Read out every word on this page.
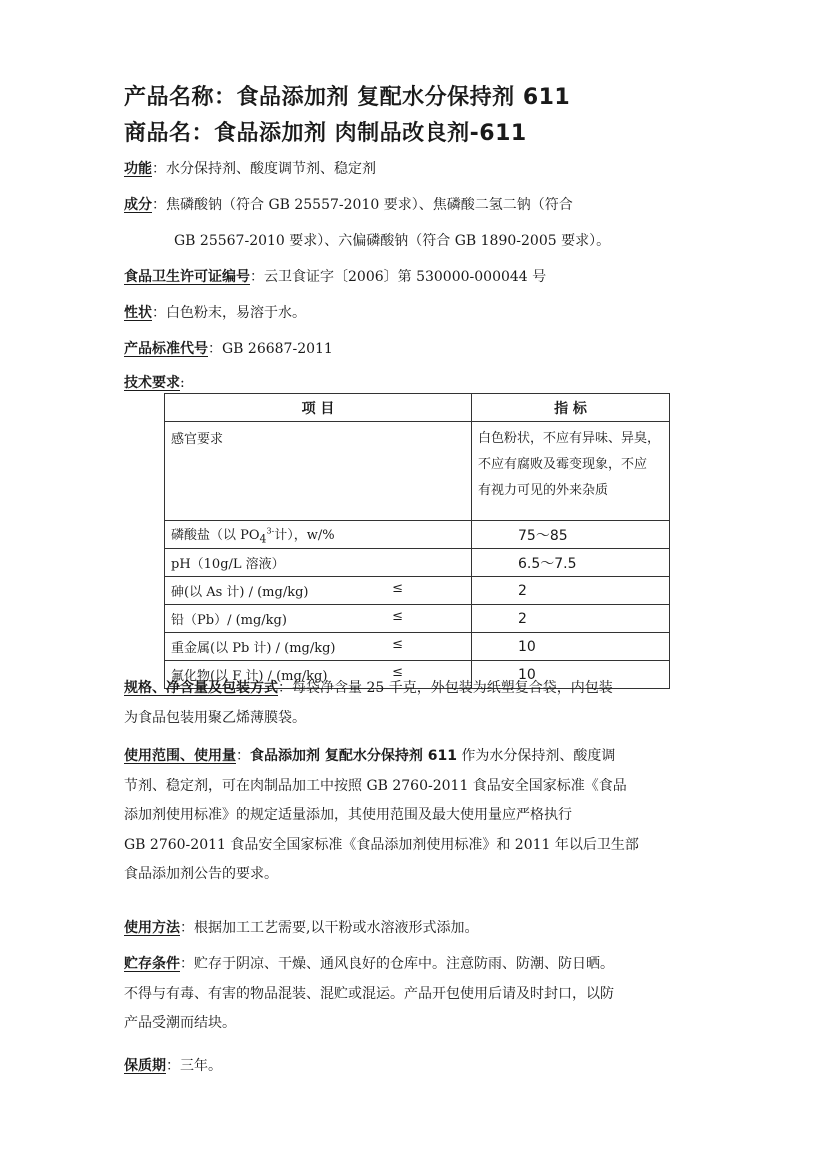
产品名称：食品添加剂 复配水分保持剂 611
商品名：食品添加剂 肉制品改良剂-611
功能：水分保持剂、酸度调节剂、稳定剂
成分：焦磷酸钠（符合 GB 25557-2010 要求）、焦磷酸二氢二钠（符合
GB 25567-2010 要求）、六偏磷酸钠（符合 GB 1890-2005 要求）。
食品卫生许可证编号：云卫食证字〔2006〕第 530000-000044 号
性状：白色粉末，易溶于水。
产品标准代号：GB 26687-2011
技术要求:
项 目	指 标
感官要求	白色粉状，不应有异味、异臭，
不应有腐败及霉变现象，不应
有视力可见的外来杂质

磷酸盐（以 $PO_4^{3-}$计），w/%	75～85
pH（10g/L 溶液）	6.5～7.5
砷(以 As 计) / (mg/kg) ≤	2
铅（Pb）/ (mg/kg) ≤	2
重金属(以 Pb 计) / (mg/kg) ≤	10
氟化物(以 F 计) / (mg/kg) ≤	10
规格、净含量及包装方式：每袋净含量 25 千克，外包装为纸塑复合袋，内包装
为食品包装用聚乙烯薄膜袋。
使用范围、使用量：食品添加剂 复配水分保持剂 611 作为水分保持剂、酸度调
节剂、稳定剂，可在肉制品加工中按照 GB 2760-2011 食品安全国家标准《食品
添加剂使用标准》的规定适量添加，其使用范围及最大使用量应严格执行
GB 2760-2011 食品安全国家标准《食品添加剂使用标准》和 2011 年以后卫生部
食品添加剂公告的要求。
使用方法：根据加工工艺需要,以干粉或水溶液形式添加。
贮存条件：贮存于阴凉、干燥、通风良好的仓库中。注意防雨、防潮、防日晒。
不得与有毒、有害的物品混装、混贮或混运。产品开包使用后请及时封口，以防
产品受潮而结块。
保质期：三年。
